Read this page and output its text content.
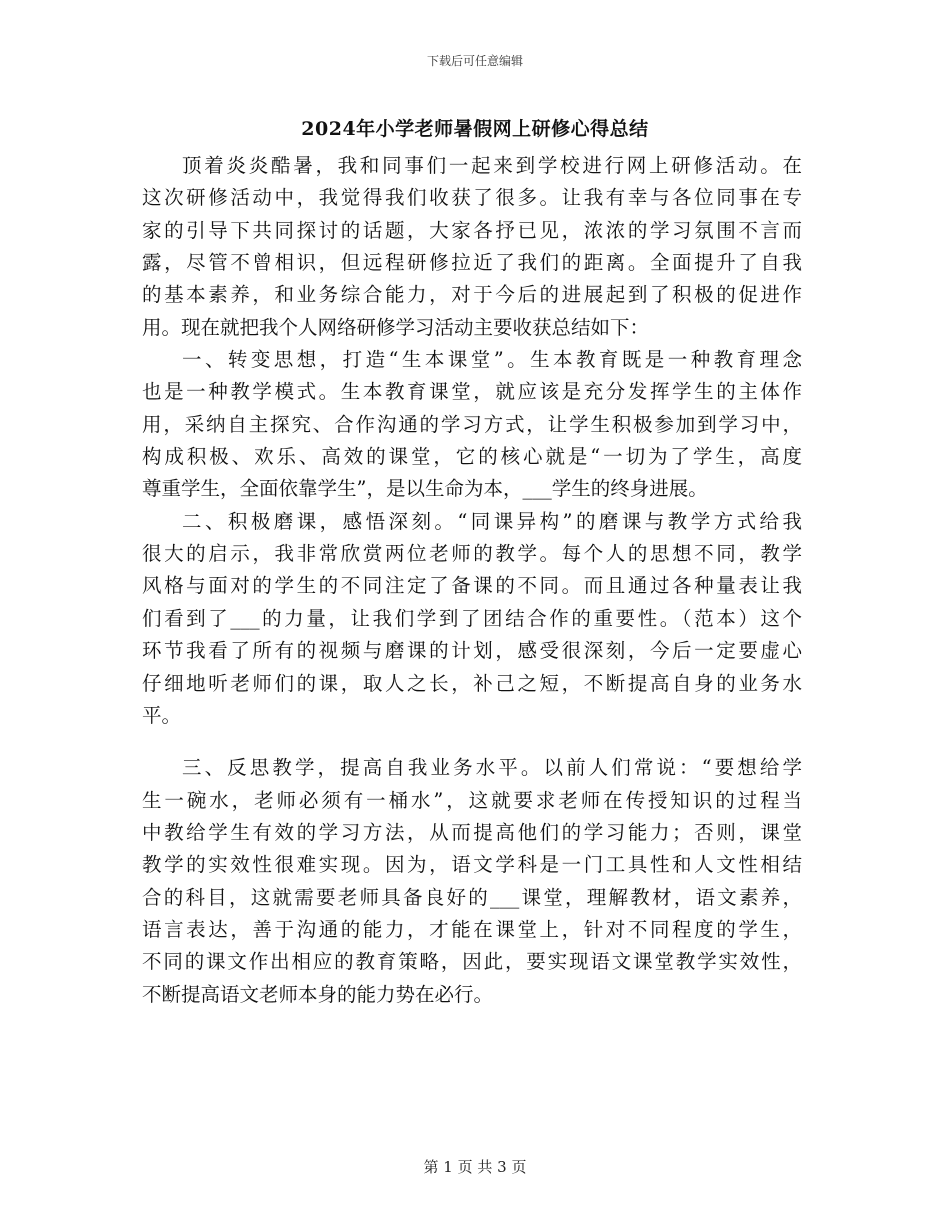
下载后可任意编辑
2024年小学老师暑假网上研修心得总结
顶着炎炎酷暑，我和同事们一起来到学校进行网上研修活动。在
这次研修活动中，我觉得我们收获了很多。让我有幸与各位同事在专
家的引导下共同探讨的话题，大家各抒已见，浓浓的学习氛围不言而
露，尽管不曾相识，但远程研修拉近了我们的距离。全面提升了自我
的基本素养，和业务综合能力，对于今后的进展起到了积极的促进作
用。现在就把我个人网络研修学习活动主要收获总结如下：
一、转变思想，打造“生本课堂”。生本教育既是一种教育理念
也是一种教学模式。生本教育课堂，就应该是充分发挥学生的主体作
用，采纳自主探究、合作沟通的学习方式，让学生积极参加到学习中，
构成积极、欢乐、高效的课堂，它的核心就是“一切为了学生，高度
尊重学生，全面依靠学生”，是以生命为本，___学生的终身进展。
二、积极磨课，感悟深刻。“同课异构”的磨课与教学方式给我
很大的启示，我非常欣赏两位老师的教学。每个人的思想不同，教学
风格与面对的学生的不同注定了备课的不同。而且通过各种量表让我
们看到了___的力量，让我们学到了团结合作的重要性。（范本）这个
环节我看了所有的视频与磨课的计划，感受很深刻，今后一定要虚心
仔细地听老师们的课，取人之长，补己之短，不断提高自身的业务水
平。
三、反思教学，提高自我业务水平。以前人们常说：“要想给学
生一碗水，老师必须有一桶水”，这就要求老师在传授知识的过程当
中教给学生有效的学习方法，从而提高他们的学习能力；否则，课堂
教学的实效性很难实现。因为，语文学科是一门工具性和人文性相结
合的科目，这就需要老师具备良好的___课堂，理解教材，语文素养，
语言表达，善于沟通的能力，才能在课堂上，针对不同程度的学生，
不同的课文作出相应的教育策略，因此，要实现语文课堂教学实效性，
不断提高语文老师本身的能力势在必行。
第 1 页 共 3 页
